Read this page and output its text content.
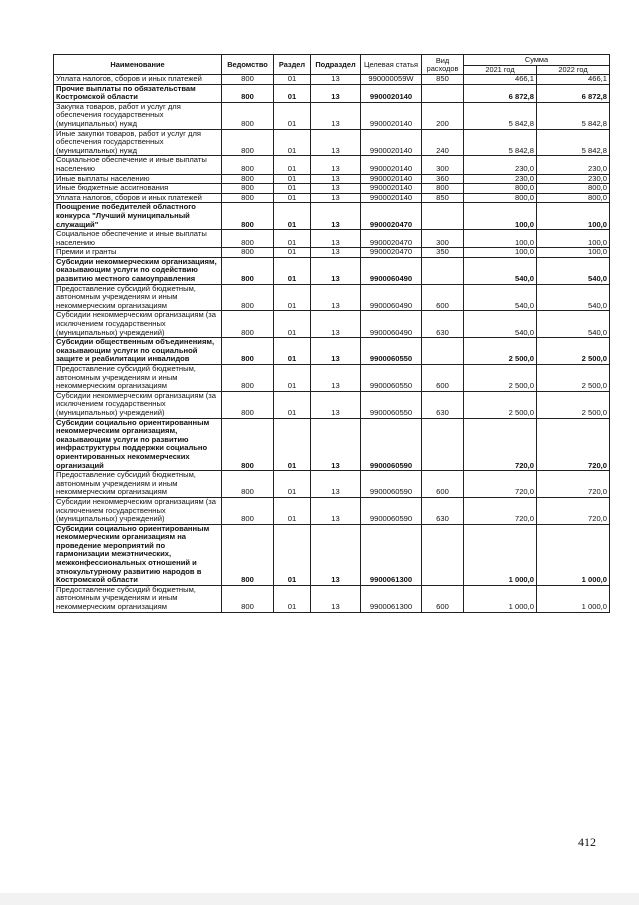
Наименование	Ведомство	Раздел	Подраздел	Целевая статья	Вид расходов	Сумма	
						2021 год	2022 год
Уплата налогов, сборов и иных платежей	800	01	13	990000059W	850	466,1	466,1
Прочие выплаты по обязательствам Костромской области	800	01	13	9900020140		6 872,8	6 872,8
Закупка товаров, работ и услуг для обеспечения государственных (муниципальных) нужд	800	01	13	9900020140	200	5 842,8	5 842,8
Иные закупки товаров, работ и услуг для обеспечения государственных (муниципальных) нужд	800	01	13	9900020140	240	5 842,8	5 842,8
Социальное обеспечение и иные выплаты населению	800	01	13	9900020140	300	230,0	230,0
Иные выплаты населению	800	01	13	9900020140	360	230,0	230,0
Иные бюджетные ассигнования	800	01	13	9900020140	800	800,0	800,0
Уплата налогов, сборов и иных платежей	800	01	13	9900020140	850	800,0	800,0
Поощрение победителей областного конкурса "Лучший муниципальный служащий"	800	01	13	9900020470		100,0	100,0
Социальное обеспечение и иные выплаты населению	800	01	13	9900020470	300	100,0	100,0
Премии и гранты	800	01	13	9900020470	350	100,0	100,0
Субсидии некоммерческим организациям, оказывающим услуги по содействию развитию местного самоуправления	800	01	13	9900060490		540,0	540,0
Предоставление субсидий бюджетным, автономным учреждениям и иным некоммерческим организациям	800	01	13	9900060490	600	540,0	540,0
Субсидии некоммерческим организациям (за исключением государственных (муниципальных) учреждений)	800	01	13	9900060490	630	540,0	540,0
Субсидии общественным объединениям, оказывающим услуги по социальной защите и реабилитации инвалидов	800	01	13	9900060550		2 500,0	2 500,0
Предоставление субсидий бюджетным, автономным учреждениям и иным некоммерческим организациям	800	01	13	9900060550	600	2 500,0	2 500,0
Субсидии некоммерческим организациям (за исключением государственных (муниципальных) учреждений)	800	01	13	9900060550	630	2 500,0	2 500,0
Субсидии социально ориентированным некоммерческим организациям, оказывающим услуги по развитию инфраструктуры поддержки социально ориентированных некоммерческих организаций	800	01	13	9900060590		720,0	720,0
Предоставление субсидий бюджетным, автономным учреждениям и иным некоммерческим организациям	800	01	13	9900060590	600	720,0	720,0
Субсидии некоммерческим организациям (за исключением государственных (муниципальных) учреждений)	800	01	13	9900060590	630	720,0	720,0
Субсидии социально ориентированным некоммерческим организациям на проведение мероприятий по гармонизации межэтнических, межконфессиональных отношений и этнокультурному развитию народов в Костромской области	800	01	13	9900061300		1 000,0	1 000,0
Предоставление субсидий бюджетным, автономным учреждениям и иным некоммерческим организациям	800	01	13	9900061300	600	1 000,0	1 000,0
412
